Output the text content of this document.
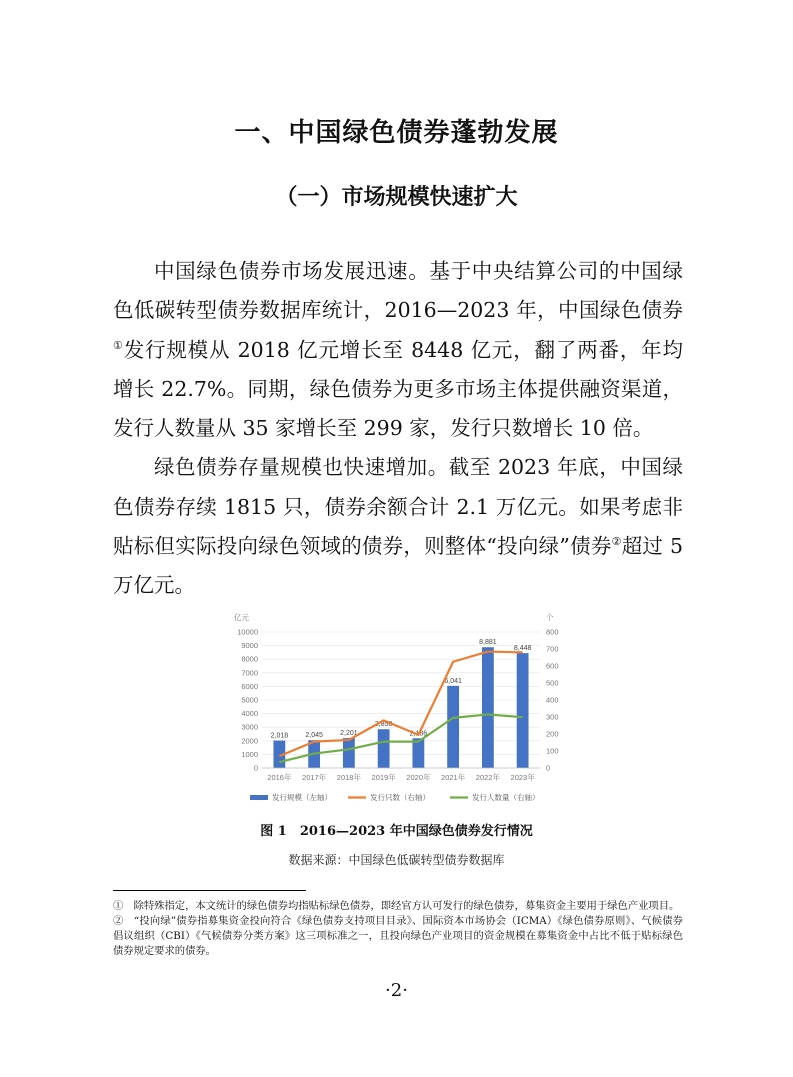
一、中国绿色债券蓬勃发展
（一）市场规模快速扩大

中国绿色债券市场发展迅速。基于中央结算公司的中国绿色低碳转型债券数据库统计，2016—2023 年，中国绿色债券①发行规模从 2018 亿元增长至 8448 亿元，翻了两番，年均增长 22.7%。同期，绿色债券为更多市场主体提供融资渠道，发行人数量从 35 家增长至 299 家，发行只数增长 10 倍。

绿色债券存量规模也快速增加。截至 2023 年底，中国绿色债券存续 1815 只，债券余额合计 2.1 万亿元。如果考虑非贴标但实际投向绿色领域的债券，则整体“投向绿”债券②超过 5 万亿元。

2,018 2,045 2,201
2,850
2,186
6,041
8,881
8,448
0
1000
2000
3000
4000
5000
6000
7000
8000
9000
10000
0
100
200
300
400
500
600
700
800
亿元	个
2016年 2017年 2018年 2019年 2020年 2021年 2022年 2023年
发行规模（左轴）	发行只数（右轴）	发行人数量（右轴）
图 1　2016—2023 年中国绿色债券发行情况
数据来源：中国绿色低碳转型债券数据库

①　 除特殊指定，本文统计的绿色债券均指贴标绿色债券，即经官方认可发行的绿色债券，募集资金主要用于绿色产业项目。

②　 “投向绿”债券指募集资金投向符合《绿色债券支持项目目录》、国际资本市场协会（ICMA）《绿色债券原则》、气候债券倡议组织（CBI）《气候债券分类方案》这三项标准之一，且投向绿色产业项目的资金规模在募集资金中占比不低于贴标绿色债券规定要求的债券。

·2·
